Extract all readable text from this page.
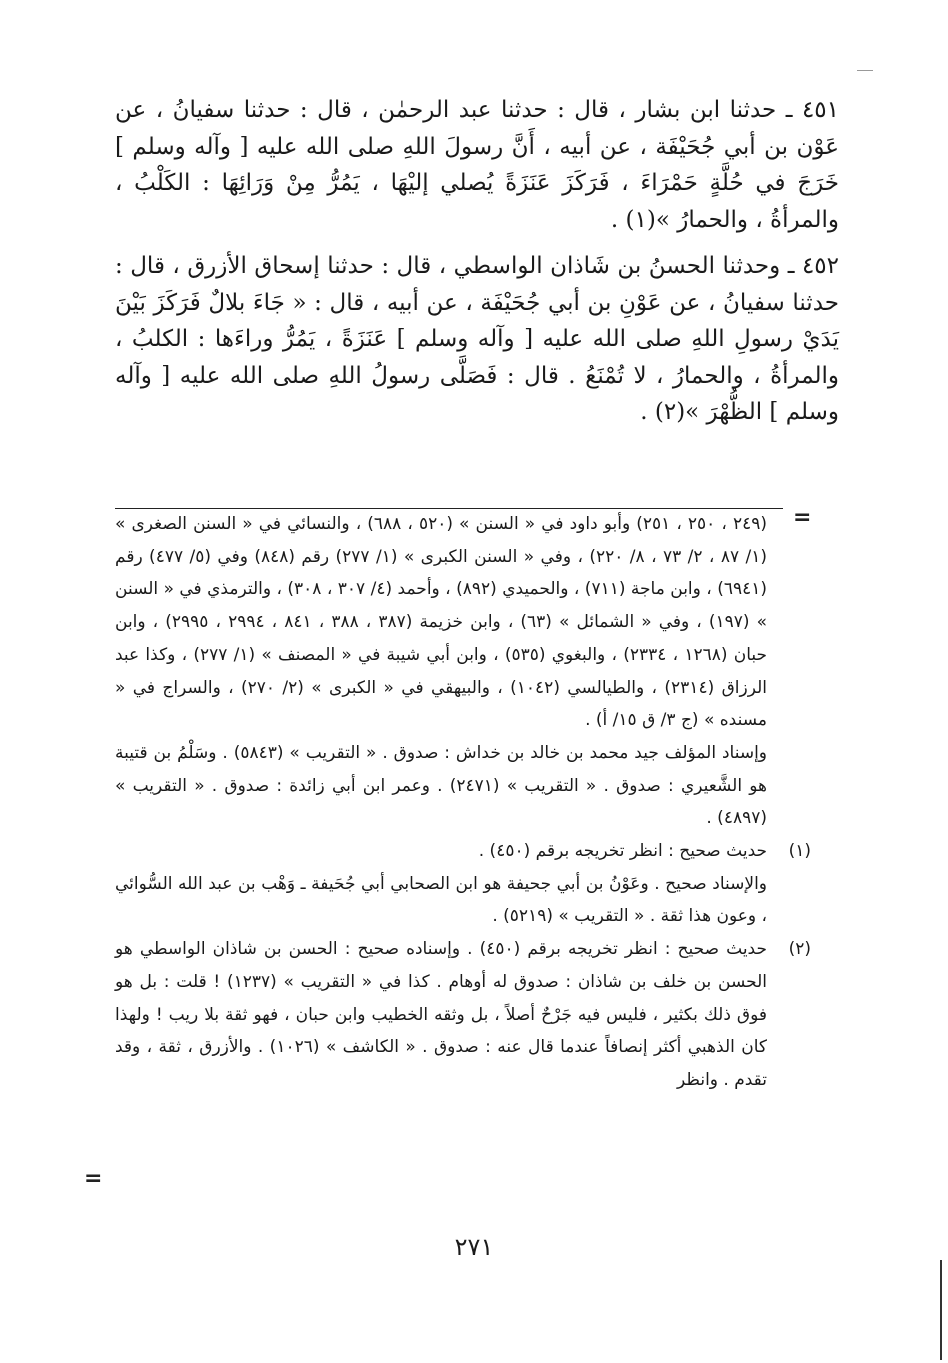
٤٥١ ـ حدثنا ابن بشار ، قال : حدثنا عبد الرحمٰن ، قال : حدثنا سفيانُ ، عن عَوْن بن أبي جُحَيْفَة ، عن أبيه ، أَنَّ رسولَ اللهِ صلى الله عليه [ وآله وسلم ] خَرَجَ في حُلَّةٍ حَمْرَاءَ ، فَرَكَزَ عَنَزَةً يُصلي إليْهَا ، يَمُرُّ مِنْ وَرَائِهَا : الكَلْبُ ، والمرأةُ ، والحمارُ »(١) .

٤٥٢ ـ وحدثنا الحسنُ بن شَاذان الواسطي ، قال : حدثنا إسحاق الأزرق ، قال : حدثنا سفيانُ ، عن عَوْنِ بن أبي جُحَيْفَة ، عن أبيه ، قال : « جَاءَ بلالٌ فَرَكَزَ بَيْنَ يَدَيْ رسولِ اللهِ صلى الله عليه [ وآله وسلم ] عَنَزَةً ، يَمُرُّ وراءَها : الكلبُ ، والمرأةُ ، والحمارُ ، لا تُمْنَعُ . قال : فَصَلَّى رسولُ اللهِ صلى الله عليه [ وآله وسلم ] الظُّهْرَ »(٢) .

=

(٢٤٩ ، ٢٥٠ ، ٢٥١) وأبو داود في « السنن » (٥٢٠ ، ٦٨٨) ، والنسائي في « السنن الصغرى » (١/ ٨٧ ، ٢/ ٧٣ ، ٨/ ٢٢٠) ، وفي « السنن الكبرى » (١/ ٢٧٧) رقم (٨٤٨) وفي (٥/ ٤٧٧) رقم (٦٩٤١) ، وابن ماجة (٧١١) ، والحميدي (٨٩٢) ، وأحمد (٤/ ٣٠٧ ، ٣٠٨) ، والترمذي في « السنن » (١٩٧) ، وفي « الشمائل » (٦٣) ، وابن خزيمة (٣٨٧ ، ٣٨٨ ، ٨٤١ ، ٢٩٩٤ ، ٢٩٩٥) ، وابن حبان (١٢٦٨ ، ٢٣٣٤) ، والبغوي (٥٣٥) ، وابن أبي شيبة في « المصنف » (١/ ٢٧٧) ، وكذا عبد الرزاق (٢٣١٤) ، والطيالسي (١٠٤٢) ، والبيهقي في « الكبرى » (٢/ ٢٧٠) ، والسراج في « مسنده » (ج ٣/ ق ١٥/ أ) .

وإسناد المؤلف جيد محمد بن خالد بن خداش : صدوق . « التقريب » (٥٨٤٣) . وسَلْمُ بن قتيبة هو الشَّعيري : صدوق . « التقريب » (٢٤٧١) . وعمر ابن أبي زائدة : صدوق . « التقريب » (٤٨٩٧) .

(١)

حديث صحيح : انظر تخريجه برقم (٤٥٠) .

والإسناد صحيح . وعَوْنُ بن أبي جحيفة هو ابن الصحابي أبي جُحَيفة ـ وَهْب بن عبد الله السُّوائي ، وعون هذا ثقة . « التقريب » (٥٢١٩) .

(٢)

حديث صحيح : انظر تخريجه برقم (٤٥٠) . وإسناده صحيح : الحسن بن شاذان الواسطي هو الحسن بن خلف بن شاذان : صدوق له أوهام . كذا في « التقريب » (١٢٣٧) ! قلت : بل هو فوق ذلك بكثير ، فليس فيه جَرْحٌ أصلاً ، بل وثقه الخطيب وابن حبان ، فهو ثقة بلا ريب ! ولهذا كان الذهبي أكثر إنصافاً عندما قال عنه : صدوق . « الكاشف » (١٠٢٦) . والأزرق ، ثقة ، وقد تقدم . وانظر

=
٢٧١
